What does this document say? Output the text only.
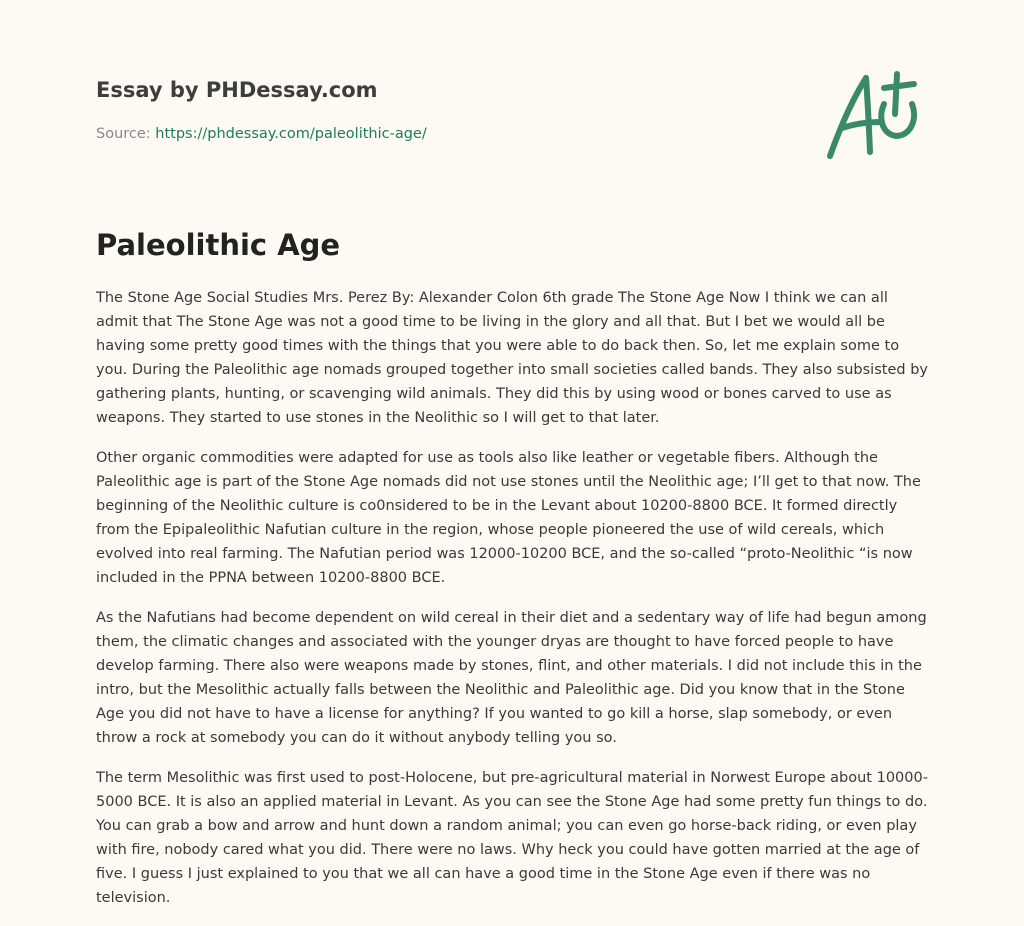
Essay by PHDessay.com
Source: https://phdessay.com/paleolithic-age/
Paleolithic Age

The Stone Age Social Studies Mrs. Perez By: Alexander Colon 6th grade The Stone Age Now I think we can all admit that The Stone Age was not a good time to be living in the glory and all that. But I bet we would all be having some pretty good times with the things that you were able to do back then. So, let me explain some to you. During the Paleolithic age nomads grouped together into small societies called bands. They also subsisted by gathering plants, hunting, or scavenging wild animals. They did this by using wood or bones carved to use as weapons. They started to use stones in the Neolithic so I will get to that later.

Other organic commodities were adapted for use as tools also like leather or vegetable fibers. Although the Paleolithic age is part of the Stone Age nomads did not use stones until the Neolithic age; I’ll get to that now. The beginning of the Neolithic culture is co0nsidered to be in the Levant about 10200-8800 BCE. It formed directly from the Epipaleolithic Nafutian culture in the region, whose people pioneered the use of wild cereals, which evolved into real farming. The Nafutian period was 12000-10200 BCE, and the so-called “proto-Neolithic “is now included in the PPNA between 10200-8800 BCE.

As the Nafutians had become dependent on wild cereal in their diet and a sedentary way of life had begun among them, the climatic changes and associated with the younger dryas are thought to have forced people to have develop farming. There also were weapons made by stones, flint, and other materials. I did not include this in the intro, but the Mesolithic actually falls between the Neolithic and Paleolithic age. Did you know that in the Stone Age you did not have to have a license for anything? If you wanted to go kill a horse, slap somebody, or even throw a rock at somebody you can do it without anybody telling you so.

The term Mesolithic was first used to post-Holocene, but pre-agricultural material in Norwest Europe about 10000-5000 BCE. It is also an applied material in Levant. As you can see the Stone Age had some pretty fun things to do. You can grab a bow and arrow and hunt down a random animal; you can even go horse-back riding, or even play with fire, nobody cared what you did. There were no laws. Why heck you could have gotten married at the age of five. I guess I just explained to you that we all can have a good time in the Stone Age even if there was no television.
